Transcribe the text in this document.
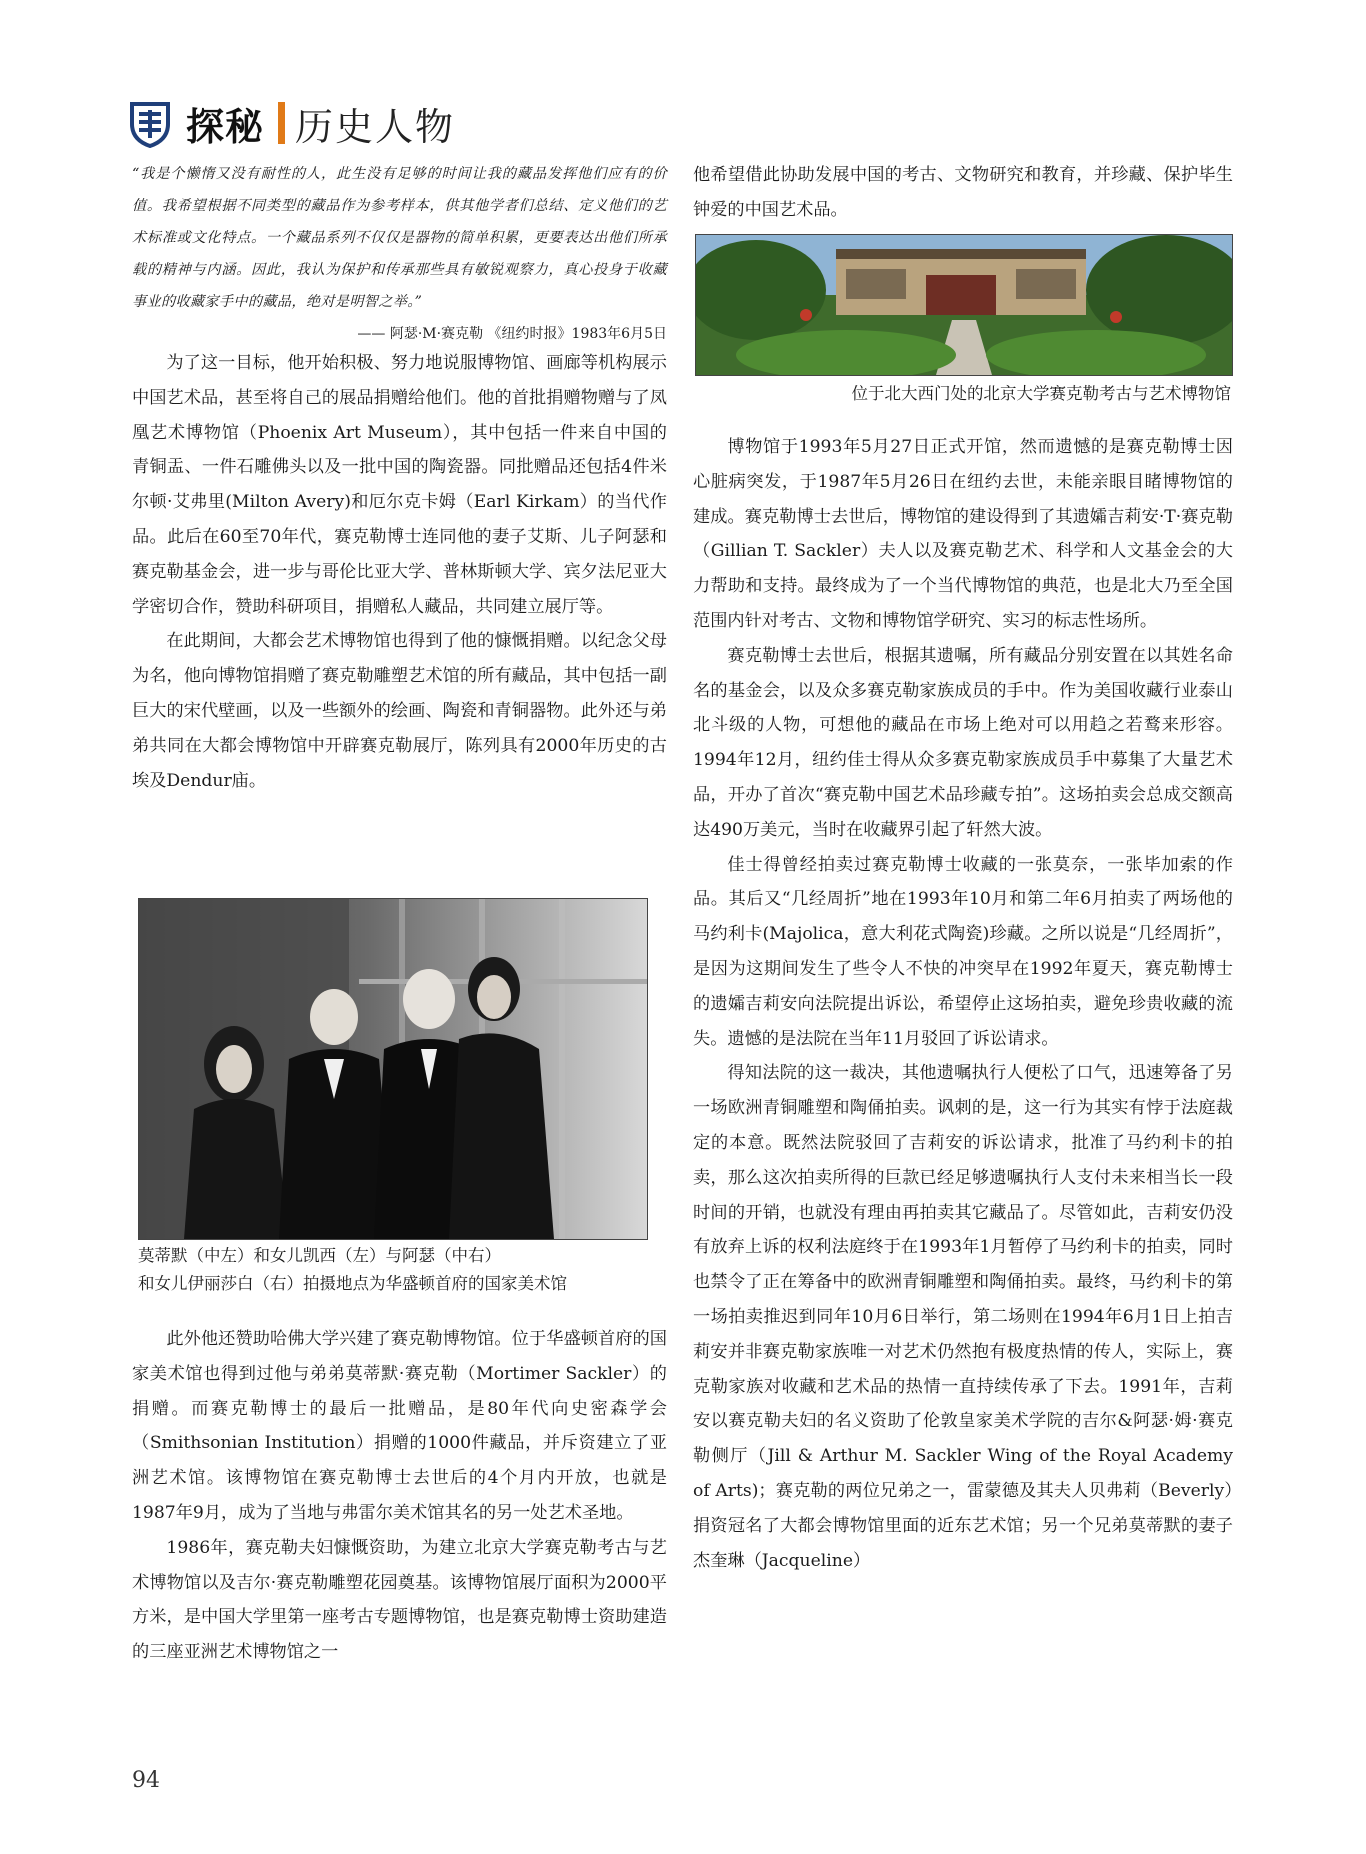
探秘 历史人物
“我是个懒惰又没有耐性的人，此生没有足够的时间让我的藏品发挥他们应有的价值。我希望根据不同类型的藏品作为参考样本，供其他学者们总结、定义他们的艺术标准或文化特点。一个藏品系列不仅仅是器物的简单积累，更要表达出他们所承载的精神与内涵。因此，我认为保护和传承那些具有敏锐观察力，真心投身于收藏事业的收藏家手中的藏品，绝对是明智之举。”
—— 阿瑟·M·赛克勒 《纽约时报》1983年6月5日

为了这一目标，他开始积极、努力地说服博物馆、画廊等机构展示中国艺术品，甚至将自己的展品捐赠给他们。他的首批捐赠物赠与了凤凰艺术博物馆（Phoenix Art Museum），其中包括一件来自中国的青铜盂、一件石雕佛头以及一批中国的陶瓷器。同批赠品还包括4件米尔顿·艾弗里(Milton Avery)和厄尔克卡姆（Earl Kirkam）的当代作品。此后在60至70年代，赛克勒博士连同他的妻子艾斯、儿子阿瑟和赛克勒基金会，进一步与哥伦比亚大学、普林斯顿大学、宾夕法尼亚大学密切合作，赞助科研项目，捐赠私人藏品，共同建立展厅等。

在此期间，大都会艺术博物馆也得到了他的慷慨捐赠。以纪念父母为名，他向博物馆捐赠了赛克勒雕塑艺术馆的所有藏品，其中包括一副巨大的宋代壁画，以及一些额外的绘画、陶瓷和青铜器物。此外还与弟弟共同在大都会博物馆中开辟赛克勒展厅，陈列具有2000年历史的古埃及Dendur庙。

莫蒂默（中左）和女儿凯西（左）与阿瑟（中右）
和女儿伊丽莎白（右）拍摄地点为华盛顿首府的国家美术馆

此外他还赞助哈佛大学兴建了赛克勒博物馆。位于华盛顿首府的国家美术馆也得到过他与弟弟莫蒂默·赛克勒（Mortimer Sackler）的捐赠。而赛克勒博士的最后一批赠品，是80年代向史密森学会（Smithsonian Institution）捐赠的1000件藏品，并斥资建立了亚洲艺术馆。该博物馆在赛克勒博士去世后的4个月内开放，也就是1987年9月，成为了当地与弗雷尔美术馆其名的另一处艺术圣地。

1986年，赛克勒夫妇慷慨资助，为建立北京大学赛克勒考古与艺术博物馆以及吉尔·赛克勒雕塑花园奠基。该博物馆展厅面积为2000平方米，是中国大学里第一座考古专题博物馆，也是赛克勒博士资助建造的三座亚洲艺术博物馆之一

他希望借此协助发展中国的考古、文物研究和教育，并珍藏、保护毕生钟爱的中国艺术品。

位于北大西门处的北京大学赛克勒考古与艺术博物馆

博物馆于1993年5月27日正式开馆，然而遗憾的是赛克勒博士因心脏病突发，于1987年5月26日在纽约去世，未能亲眼目睹博物馆的建成。赛克勒博士去世后，博物馆的建设得到了其遗孀吉莉安·T·赛克勒（Gillian T. Sackler）夫人以及赛克勒艺术、科学和人文基金会的大力帮助和支持。最终成为了一个当代博物馆的典范，也是北大乃至全国范围内针对考古、文物和博物馆学研究、实习的标志性场所。

赛克勒博士去世后，根据其遗嘱，所有藏品分别安置在以其姓名命名的基金会，以及众多赛克勒家族成员的手中。作为美国收藏行业泰山北斗级的人物，可想他的藏品在市场上绝对可以用趋之若鹜来形容。1994年12月，纽约佳士得从众多赛克勒家族成员手中募集了大量艺术品，开办了首次“赛克勒中国艺术品珍藏专拍”。这场拍卖会总成交额高达490万美元，当时在收藏界引起了轩然大波。

佳士得曾经拍卖过赛克勒博士收藏的一张莫奈，一张毕加索的作品。其后又“几经周折”地在1993年10月和第二年6月拍卖了两场他的马约利卡(Majolica，意大利花式陶瓷)珍藏。之所以说是“几经周折”，是因为这期间发生了些令人不快的冲突早在1992年夏天，赛克勒博士的遗孀吉莉安向法院提出诉讼，希望停止这场拍卖，避免珍贵收藏的流失。遗憾的是法院在当年11月驳回了诉讼请求。

得知法院的这一裁决，其他遗嘱执行人便松了口气，迅速筹备了另一场欧洲青铜雕塑和陶俑拍卖。讽刺的是，这一行为其实有悖于法庭裁定的本意。既然法院驳回了吉莉安的诉讼请求，批准了马约利卡的拍卖，那么这次拍卖所得的巨款已经足够遗嘱执行人支付未来相当长一段时间的开销，也就没有理由再拍卖其它藏品了。尽管如此，吉莉安仍没有放弃上诉的权利法庭终于在1993年1月暂停了马约利卡的拍卖，同时也禁令了正在筹备中的欧洲青铜雕塑和陶俑拍卖。最终，马约利卡的第一场拍卖推迟到同年10月6日举行，第二场则在1994年6月1日上拍吉莉安并非赛克勒家族唯一对艺术仍然抱有极度热情的传人，实际上，赛克勒家族对收藏和艺术品的热情一直持续传承了下去。1991年，吉莉安以赛克勒夫妇的名义资助了伦敦皇家美术学院的吉尔&阿瑟·姆·赛克勒侧厅（Jill & Arthur M. Sackler Wing of the Royal Academy of Arts)；赛克勒的两位兄弟之一，雷蒙德及其夫人贝弗莉（Beverly）捐资冠名了大都会博物馆里面的近东艺术馆；另一个兄弟莫蒂默的妻子杰奎琳（Jacqueline）

94
